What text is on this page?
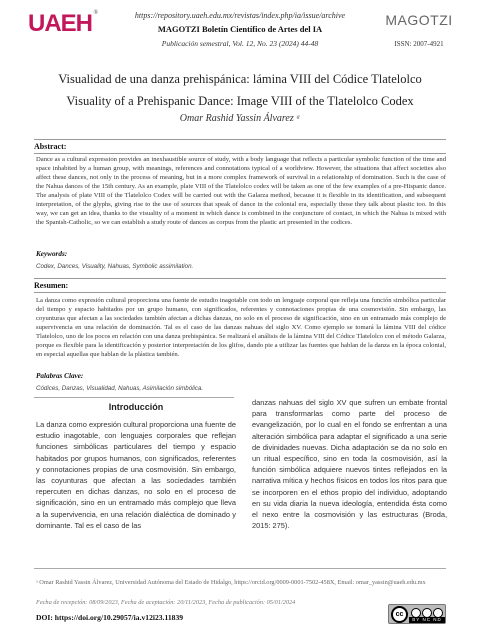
UAEH ®	https://repository.uaeh.edu.mx/revistas/index.php/ia/issue/archive
MAGOTZI Boletín Científico de Artes del IA
Publicación semestral, Vol. 12, No. 23 (2024) 44-48
MAGOTZI
ISSN: 2007-4921
Visualidad de una danza prehispánica: lámina VIII del Códice Tlatelolco
Visuality of a Prehispanic Dance: Image VIII of the Tlatelolco Codex
Omar Rashid Yassin Álvarez ᵃ
Abstract:
Dance as a cultural expression provides an inexhaustible source of study, with a body language that reflects a particular symbolic function of the time and space inhabited by a human group, with meanings, references and connotations typical of a worldview. However, the situations that affect societies also affect these dances, not only in the process of meaning, but in a more complex framework of survival in a relationship of domination. Such is the case of the Nahua dances of the 15th century. As an example, plate VIII of the Tlatelolco codex will be taken as one of the few examples of a pre-Hispanic dance. The analysis of plate VIII of the Tlatelolco Codex will be carried out with the Galarza method, because it is flexible in its identification, and subsequent interpretation, of the glyphs, giving rise to the use of sources that speak of dance in the colonial era, especially those they talk about plastic too. In this way, we can get an idea, thanks to the visuality of a moment in which dance is combined in the conjuncture of contact, in which the Nahua is mixed with the Spanish-Catholic, so we can establish a study route of dances as corpus from the plastic art presented in the codices.
Keywords:
Codex, Dances, Visuality, Nahuas, Symbolic assimilation.
Resumen:
La danza como expresión cultural proporciona una fuente de estudio inagotable con todo un lenguaje corporal que refleja una función simbólica particular del tiempo y espacio habitados por un grupo humano, con significados, referentes y connotaciones propias de una cosmovisión. Sin embargo, las coyunturas que afectan a las sociedades también afectan a dichas danzas, no solo en el proceso de significación, sino en un entramado más complejo de supervivencia en una relación de dominación. Tal es el caso de las danzas nahuas del siglo XV. Como ejemplo se tomará la lámina VIII del códice Tlatelolco, uno de los pocos en relación con una danza prehispánica. Se realizará el análisis de la lámina VIII del Códice Tlatelolco con el método Galarza, porque es flexible para la identificación y posterior interpretación de los glifos, dando pie a utilizar las fuentes que hablan de la danza en la época colonial, en especial aquellas que hablan de la plástica también.
Palabras Clave:
Códices, Danzas, Visualidad, Nahuas, Asimilación simbólica.
Introducción
La danza como expresión cultural proporciona una fuente de estudio inagotable, con lenguajes corporales que reflejan funciones simbólicas particulares del tiempo y espacio habitados por grupos humanos, con significados, referentes y connotaciones propias de una cosmovisión. Sin embargo, las coyunturas que afectan a las sociedades también repercuten en dichas danzas, no solo en el proceso de significación, sino en un entramado más complejo que lleva a la supervivencia, en una relación dialéctica de dominado y dominante. Tal es el caso de las
danzas nahuas del siglo XV que sufren un embate frontal para transformarlas como parte del proceso de evangelización, por lo cual en el fondo se enfrentan a una alteración simbólica para adaptar el significado a una serie de divinidades nuevas. Dicha adaptación se da no solo en un ritual específico, sino en toda la cosmovisión, así la función simbólica adquiere nuevos tintes reflejados en la narrativa mítica y hechos físicos en todos los ritos para que se incorporen en el ethos propio del individuo, adoptando en su vida diaria la nueva ideología, entendida ésta como el nexo entre la cosmovisión y las estructuras (Broda, 2015: 275).
ᵃ Omar Rashid Yassin Álvarez, Universidad Autónoma del Estado de Hidalgo, https://orcid.org/0009-0001-7502-458X, Email: omar_yassin@uaeh.edu.mx
Fecha de recepción: 08/09/2023, Fecha de aceptación: 20/11/2023, Fecha de publicación: 05/01/2024
DOI: https://doi.org/10.29057/ia.v12i23.11839	cc
BY NC ND
